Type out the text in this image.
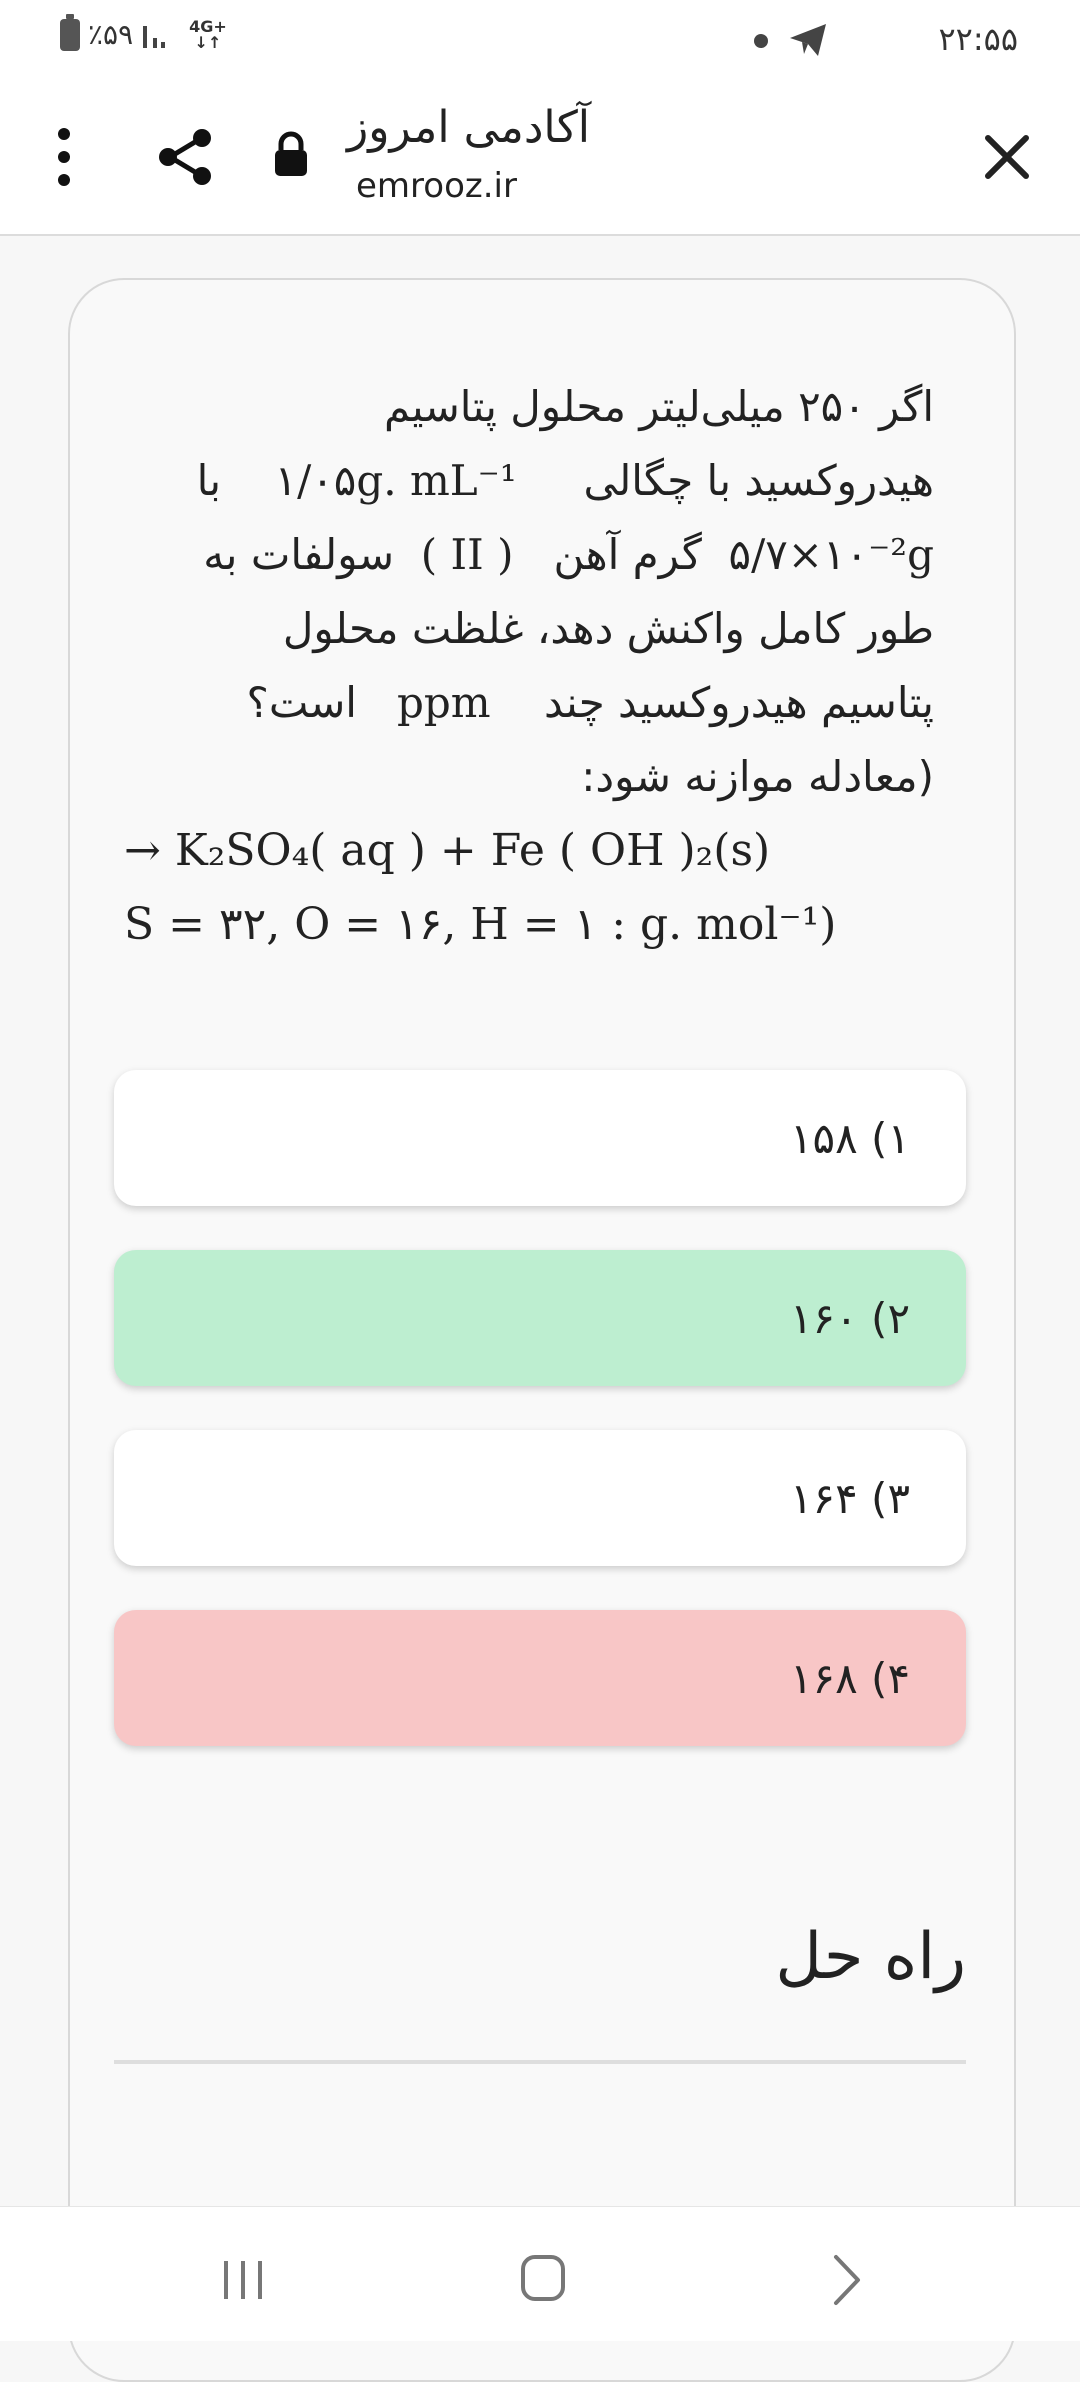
٪۵۹	4G+
↓↑	۲۲:۵۵
آکادمی امروز
emrooz.ir
اگر ۲۵۰ میلی‌لیتر محلول پتاسیم
هیدروکسید با چگالی     ۱/۰۵g. mL⁻¹    با
۵/۷×۱۰⁻²g  گرم آهن   ( II )  سولفات به
طور کامل واکنش دهد، غلظت محلول
پتاسیم هیدروکسید چند    ppm   است؟
(معادله موازنه شود:
→ K₂SO₄( aq ) + Fe ( OH )₂(s)
S = ۳۲, O = ۱۶, H = ۱ : g. mol⁻¹)
۱) ۱۵۸
۲) ۱۶۰
۳) ۱۶۴
۴) ۱۶۸
راه حل
